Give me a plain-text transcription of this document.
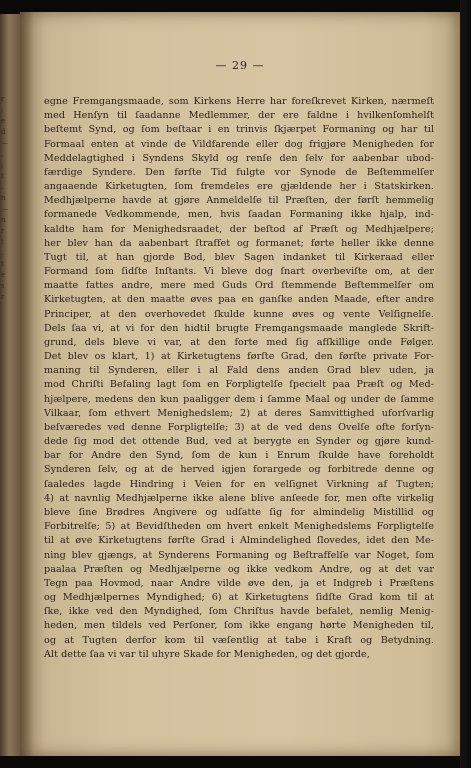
r
;
e
d
—
,
;
t
.
n
—
n
r
t
.
t
e
s
r
— 29 —
egne Fremgangsmaade, som Kirkens Herre har foreſkrevet Kirken, nærmeſt
med Henſyn til ſaadanne Medlemmer, der ere faldne i hvilkenſomhelſt
beſtemt Synd, og ſom beſtaar i en trinvis ſkjærpet Formaning og har til
Formaal enten at vinde de Vildfarende eller dog frigjøre Menigheden for
Meddelagtighed i Syndens Skyld og renſe den ſelv for aabenbar ubod-
færdige Syndere. Den førſte Tid fulgte vor Synode de Beſtemmelſer
angaaende Kirketugten, ſom fremdeles ere gjældende her i Statskirken.
Medhjælperne havde at gjøre Anmeldelſe til Præſten, der førſt hemmelig
formanede Vedkommende, men, hvis ſaadan Formaning ikke hjalp, ind-
kaldte ham for Menighedsraadet, der beſtod af Præſt og Medhjælpere;
her blev han da aabenbart ſtraffet og formanet; førte heller ikke denne
Tugt til, at han gjorde Bod, blev Sagen indanket til Kirkeraad eller
Formand ſom ſidſte Inſtants. Vi bleve dog ſnart overbeviſte om, at der
maatte fattes andre, mere med Guds Ord ſtemmende Beſtemmelſer om
Kirketugten, at den maatte øves paa en ganſke anden Maade, efter andre
Principer, at den overhovedet ſkulde kunne øves og vente Velſignelſe.
Dels ſaa vi, at vi for den hidtil brugte Fremgangsmaade manglede Skrift-
grund, dels bleve vi var, at den forte med ſig afſkillige onde Følger.
Det blev os klart, 1) at Kirketugtens førſte Grad, den førſte private For-
maning til Synderen, eller i al Fald dens anden Grad blev uden, ja
mod Chriſti Befaling lagt ſom en Forpligtelſe ſpecielt paa Præſt og Med-
hjælpere, medens den kun paaligger dem i ſamme Maal og under de ſamme
Vilkaar, ſom ethvert Menighedslem; 2) at deres Samvittighed uforſvarlig
beſværedes ved denne Forpligtelſe; 3) at de ved dens Ovelſe ofte forſyn-
dede ſig mod det ottende Bud, ved at berygte en Synder og gjøre kund-
bar for Andre den Synd, ſom de kun i Enrum ſkulde have foreholdt
Synderen ſelv, og at de herved igjen forargede og forbitrede denne og
ſaaledes lagde Hindring i Veien for en velſignet Virkning af Tugten;
4) at navnlig Medhjælperne ikke alene blive anſeede for, men ofte virkelig
bleve ſine Brødres Angivere og udſatte ſig for almindelig Mistillid og
Forbitrelſe; 5) at Bevidſtheden om hvert enkelt Menighedslems Forpligtelſe
til at øve Kirketugtens førſte Grad i Almindelighed ſlovedes, idet den Me-
ning blev gjængs, at Synderens Formaning og Beſtraffelſe var Noget, ſom
paalaa Præſten og Medhjælperne og ikke vedkom Andre, og at det var
Tegn paa Hovmod, naar Andre vilde øve den, ja et Indgreb i Præſtens
og Medhjælpernes Myndighed; 6) at Kirketugtens ſidſte Grad kom til at
ſke, ikke ved den Myndighed, ſom Chriſtus havde befalet, nemlig Menig-
heden, men tildels ved Perſoner, ſom ikke engang hørte Menigheden til,
og at Tugten derfor kom til væſentlig at tabe i Kraft og Betydning.
Alt dette ſaa vi var til uhyre Skade for Menigheden, og det gjorde,
